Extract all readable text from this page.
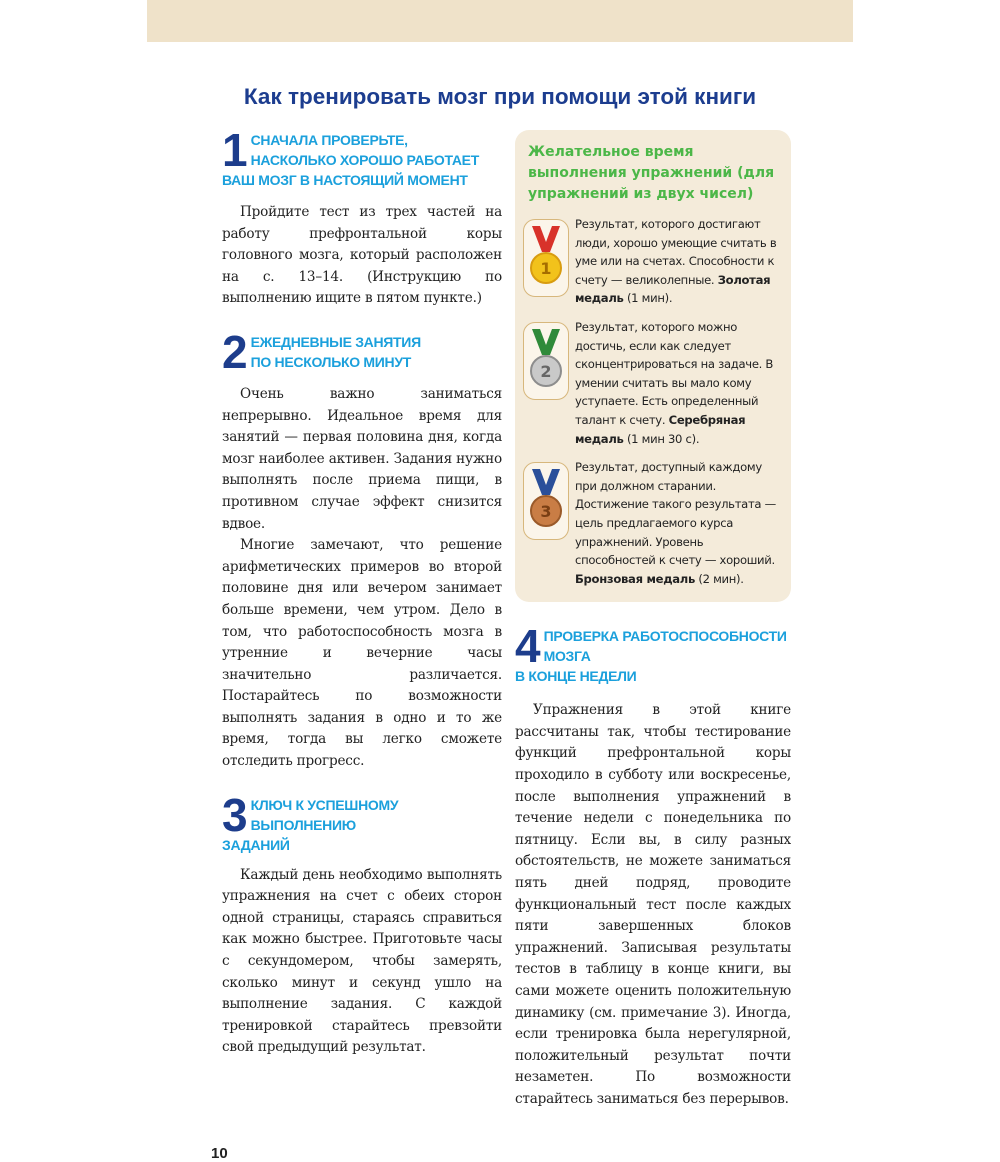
Как тренировать мозг при помощи этой книги
1 СНАЧАЛА ПРОВЕРЬТЕ,
НАСКОЛЬКО ХОРОШО РАБОТАЕТ
ВАШ МОЗГ В НАСТОЯЩИЙ МОМЕНТ

Пройдите тест из трех частей на работу префронтальной коры головного мозга, который расположен на с. 13–14. (Инструкцию по выполнению ищите в пятом пункте.)

2 ЕЖЕДНЕВНЫЕ ЗАНЯТИЯ
ПО НЕСКОЛЬКО МИНУТ

Очень важно заниматься непрерывно. Идеальное время для занятий — первая половина дня, когда мозг наиболее активен. Задания нужно выполнять после приема пищи, в противном случае эффект снизится вдвое.

Многие замечают, что решение арифметических примеров во второй половине дня или вечером занимает больше времени, чем утром. Дело в том, что работоспособность мозга в утренние и вечерние часы значительно различается. Постарайтесь по возможности выполнять задания в одно и то же время, тогда вы легко сможете отследить прогресс.

3 КЛЮЧ К УСПЕШНОМУ ВЫПОЛНЕНИЮ
ЗАДАНИЙ

Каждый день необходимо выполнять упражнения на счет с обеих сторон одной страницы, стараясь справиться как можно быстрее. Приготовьте часы с секундомером, чтобы замерять, сколько минут и секунд ушло на выполнение задания. С каждой тренировкой старайтесь превзойти свой предыдущий результат.

Желательное время выполнения упражнений (для упражнений из двух чисел)
1
Результат, которого достигают люди, хорошо умеющие считать в уме или на счетах. Способности к счету — великолепные. Золотая медаль (1 мин).
2
Результат, которого можно достичь, если как следует сконцентрироваться на задаче. В умении считать вы мало кому уступаете. Есть определенный талант к счету. Серебряная медаль (1 мин 30 с).
3
Результат, доступный каждому при должном старании. Достижение такого результата — цель предлагаемого курса упражнений. Уровень способностей к счету — хороший. Бронзовая медаль (2 мин).
4 ПРОВЕРКА РАБОТОСПОСОБНОСТИ МОЗГА
В КОНЦЕ НЕДЕЛИ

Упражнения в этой книге рассчитаны так, чтобы тестирование функций префронтальной коры проходило в субботу или воскресенье, после выполнения упражнений в течение недели с понедельника по пятницу. Если вы, в силу разных обстоятельств, не можете заниматься пять дней подряд, проводите функциональный тест после каждых пяти завершенных блоков упражнений. Записывая результаты тестов в таблицу в конце книги, вы сами можете оценить положительную динамику (см. примечание 3). Иногда, если тренировка была нерегулярной, положительный результат почти незаметен. По возможности старайтесь заниматься без перерывов.

10
